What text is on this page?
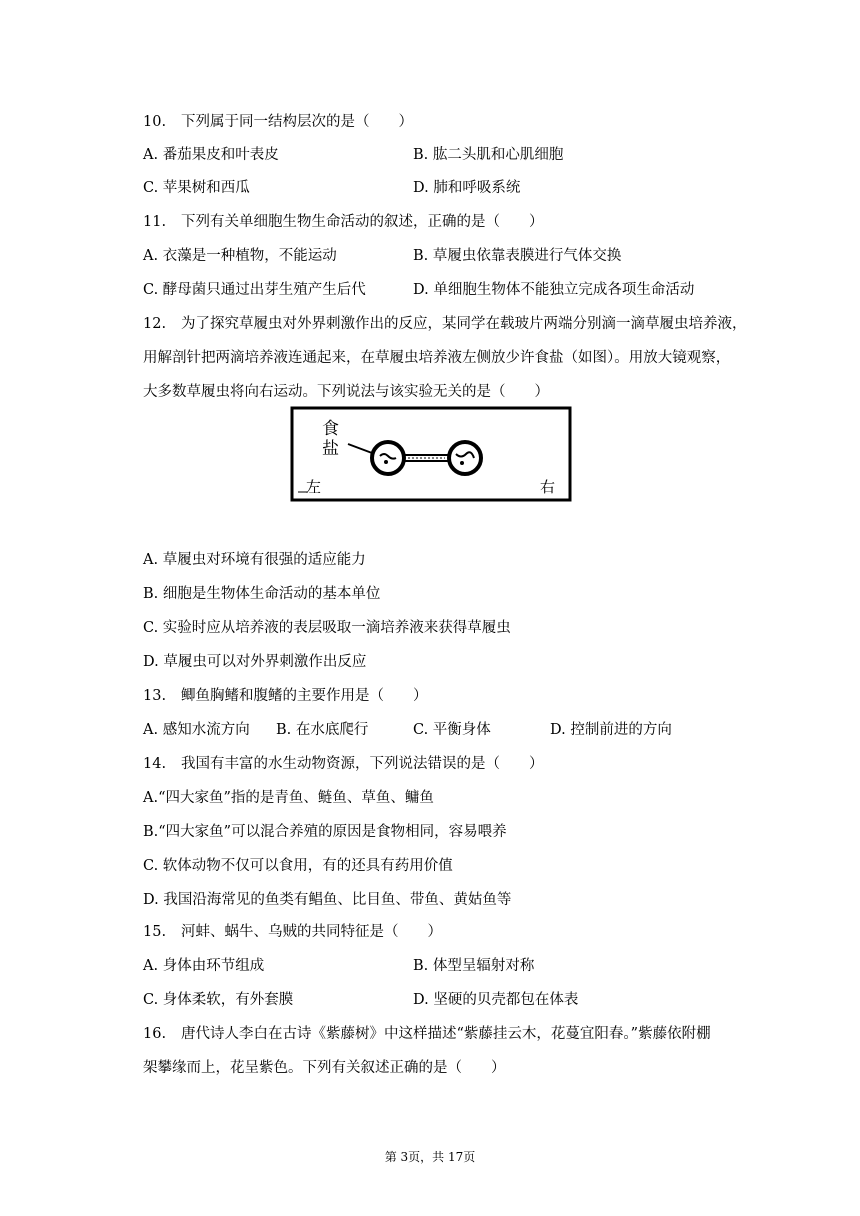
10. 下列属于同一结构层次的是（　　）
A. 番茄果皮和叶表皮	B. 肱二头肌和心肌细胞
C. 苹果树和西瓜	D. 肺和呼吸系统
11. 下列有关单细胞生物生命活动的叙述，正确的是（　　）
A. 衣藻是一种植物，不能运动	B. 草履虫依靠表膜进行气体交换
C. 酵母菌只通过出芽生殖产生后代	D. 单细胞生物体不能独立完成各项生命活动
12. 为了探究草履虫对外界刺激作出的反应，某同学在载玻片两端分别滴一滴草履虫培养液，
用解剖针把两滴培养液连通起来，在草履虫培养液左侧放少许食盐（如图）。用放大镜观察，
大多数草履虫将向右运动。下列说法与该实验无关的是（　　）
食
盐
左	右
A. 草履虫对环境有很强的适应能力
B. 细胞是生物体生命活动的基本单位
C. 实验时应从培养液的表层吸取一滴培养液来获得草履虫
D. 草履虫可以对外界刺激作出反应
13. 鲫鱼胸鳍和腹鳍的主要作用是（　　）
A. 感知水流方向 B. 在水底爬行	C. 平衡身体	D. 控制前进的方向
14. 我国有丰富的水生动物资源，下列说法错误的是（　　）
A.“四大家鱼”指的是青鱼、鲢鱼、草鱼、鳙鱼
B.“四大家鱼”可以混合养殖的原因是食物相同，容易喂养
C. 软体动物不仅可以食用，有的还具有药用价值
D. 我国沿海常见的鱼类有鲳鱼、比目鱼、带鱼、黄姑鱼等
15. 河蚌、蜗牛、乌贼的共同特征是（　　）
A. 身体由环节组成	B. 体型呈辐射对称
C. 身体柔软，有外套膜	D. 坚硬的贝壳都包在体表
16. 唐代诗人李白在古诗《紫藤树》中这样描述“紫藤挂云木，花蔓宜阳春。”紫藤依附棚
架攀缘而上，花呈紫色。下列有关叙述正确的是（　　）
第 3页，共 17页
